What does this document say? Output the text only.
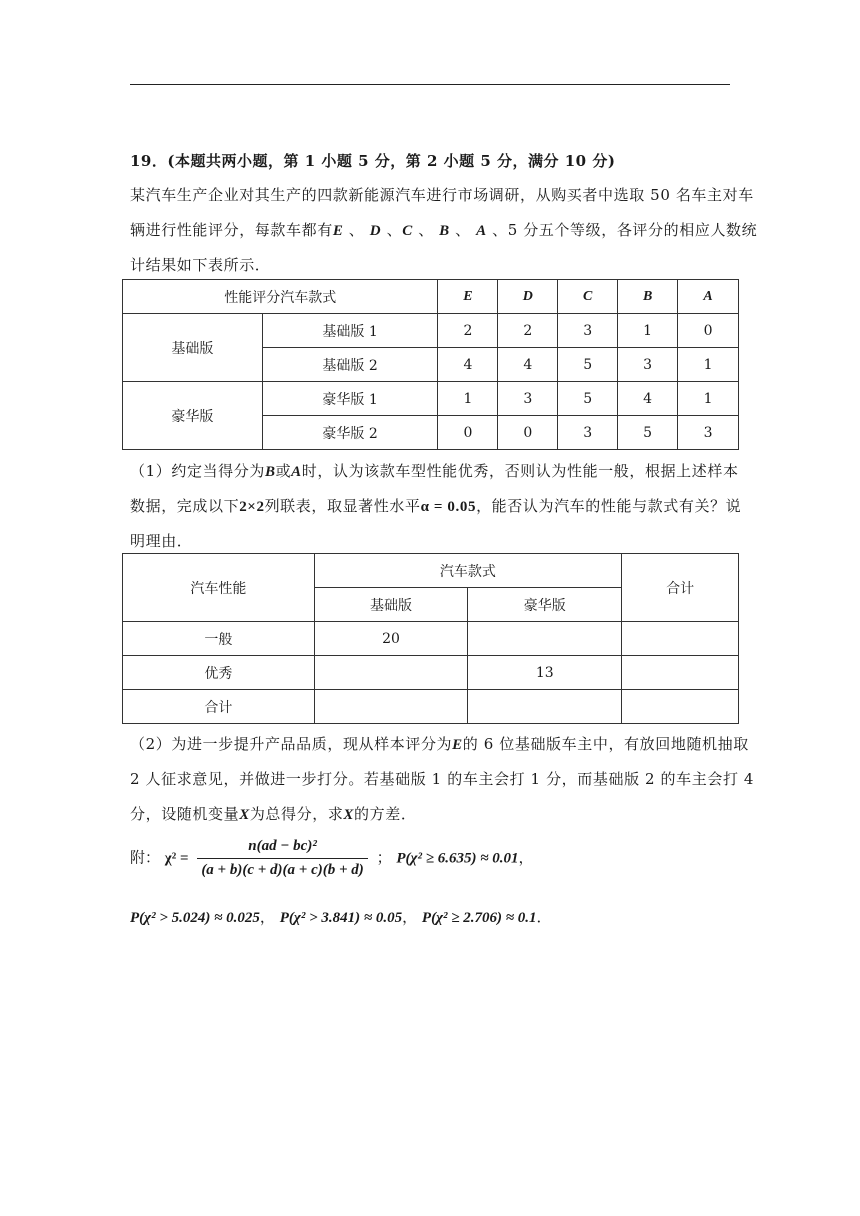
19．(本题共两小题，第 1 小题 5 分，第 2 小题 5 分，满分 10 分)
某汽车生产企业对其生产的四款新能源汽车进行市场调研，从购买者中选取 50 名车主对车
辆进行性能评分，每款车都有E 、 D 、C 、 B 、 A 、5 分五个等级，各评分的相应人数统
计结果如下表所示．
性能评分汽车款式		E	D	C	B	A
基础版	基础版 1	2	2	3	1	0
	基础版 2	4	4	5	3	1
豪华版	豪华版 1	1	3	5	4	1
	豪华版 2	0	0	3	5	3
（1）约定当得分为B或A时，认为该款车型性能优秀，否则认为性能一般，根据上述样本
数据，完成以下2×2列联表，取显著性水平α = 0.05，能否认为汽车的性能与款式有关？说
明理由．
汽车性能	汽车款式		合计
	基础版	豪华版	
一般	20		
优秀		13	
合计			
（2）为进一步提升产品品质，现从样本评分为E的 6 位基础版车主中，有放回地随机抽取
2 人征求意见，并做进一步打分。若基础版 1 的车主会打 1 分，而基础版 2 的车主会打 4
分，设随机变量X为总得分，求X的方差．
附： $\chi^2 = \frac{\text{n(ad − bc)²}}{(a + b)(c + d)(a + c)(b + d)}$ ； P(χ² ≥ 6.635) ≈ 0.01，
P(χ² > 5.024) ≈ 0.025， P(χ² > 3.841) ≈ 0.05， P(χ² ≥ 2.706) ≈ 0.1．
